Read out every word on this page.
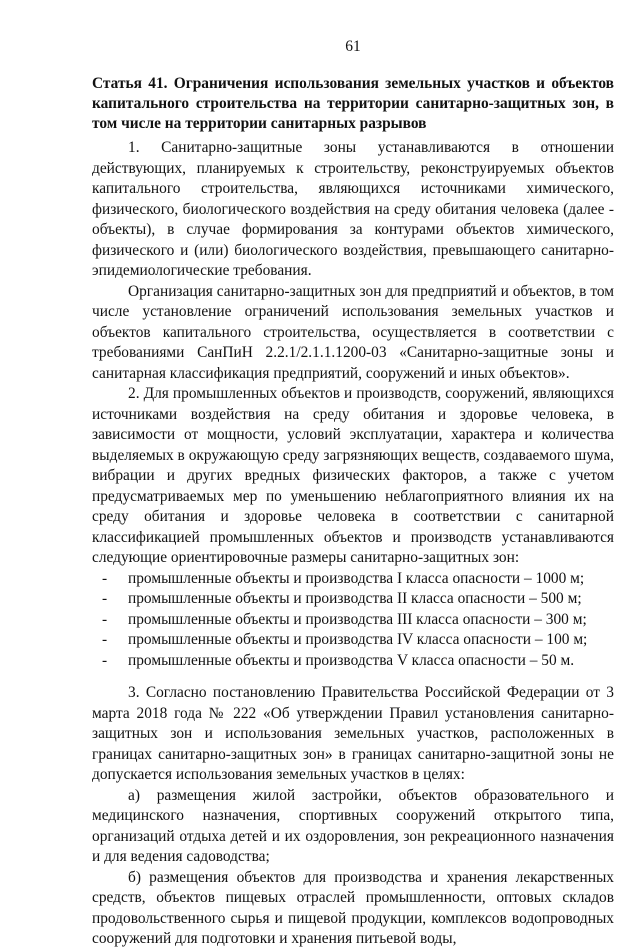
61
Статья 41. Ограничения использования земельных участков и объектов капитального строительства на территории санитарно-защитных зон, в том числе на территории санитарных разрывов

1. Санитарно-защитные зоны устанавливаются в отношении действующих, планируемых к строительству, реконструируемых объектов капитального строительства, являющихся источниками химического, физического, биологического воздействия на среду обитания человека (далее - объекты), в случае формирования за контурами объектов химического, физического и (или) биологического воздействия, превышающего санитарно-эпидемиологические требования.

Организация санитарно-защитных зон для предприятий и объектов, в том числе установление ограничений использования земельных участков и объектов капитального строительства, осуществляется в соответствии с требованиями СанПиН 2.2.1/2.1.1.1200-03 «Санитарно-защитные зоны и санитарная классификация предприятий, сооружений и иных объектов».

2. Для промышленных объектов и производств, сооружений, являющихся источниками воздействия на среду обитания и здоровье человека, в зависимости от мощности, условий эксплуатации, характера и количества выделяемых в окружающую среду загрязняющих веществ, создаваемого шума, вибрации и других вредных физических факторов, а также с учетом предусматриваемых мер по уменьшению неблагоприятного влияния их на среду обитания и здоровье человека в соответствии с санитарной классификацией промышленных объектов и производств устанавливаются следующие ориентировочные размеры санитарно-защитных зон:

- промышленные объекты и производства I класса опасности – 1000 м;
- промышленные объекты и производства II класса опасности – 500 м;
- промышленные объекты и производства III класса опасности – 300 м;
- промышленные объекты и производства IV класса опасности – 100 м;
- промышленные объекты и производства V класса опасности – 50 м.

3. Согласно постановлению Правительства Российской Федерации от 3 марта 2018 года № 222 «Об утверждении Правил установления санитарно-защитных зон и использования земельных участков, расположенных в границах санитарно-защитных зон» в границах санитарно-защитной зоны не допускается использования земельных участков в целях:

а) размещения жилой застройки, объектов образовательного и медицинского назначения, спортивных сооружений открытого типа, организаций отдыха детей и их оздоровления, зон рекреационного назначения и для ведения садоводства;

б) размещения объектов для производства и хранения лекарственных средств, объектов пищевых отраслей промышленности, оптовых складов продовольственного сырья и пищевой продукции, комплексов водопроводных сооружений для подготовки и хранения питьевой воды,
